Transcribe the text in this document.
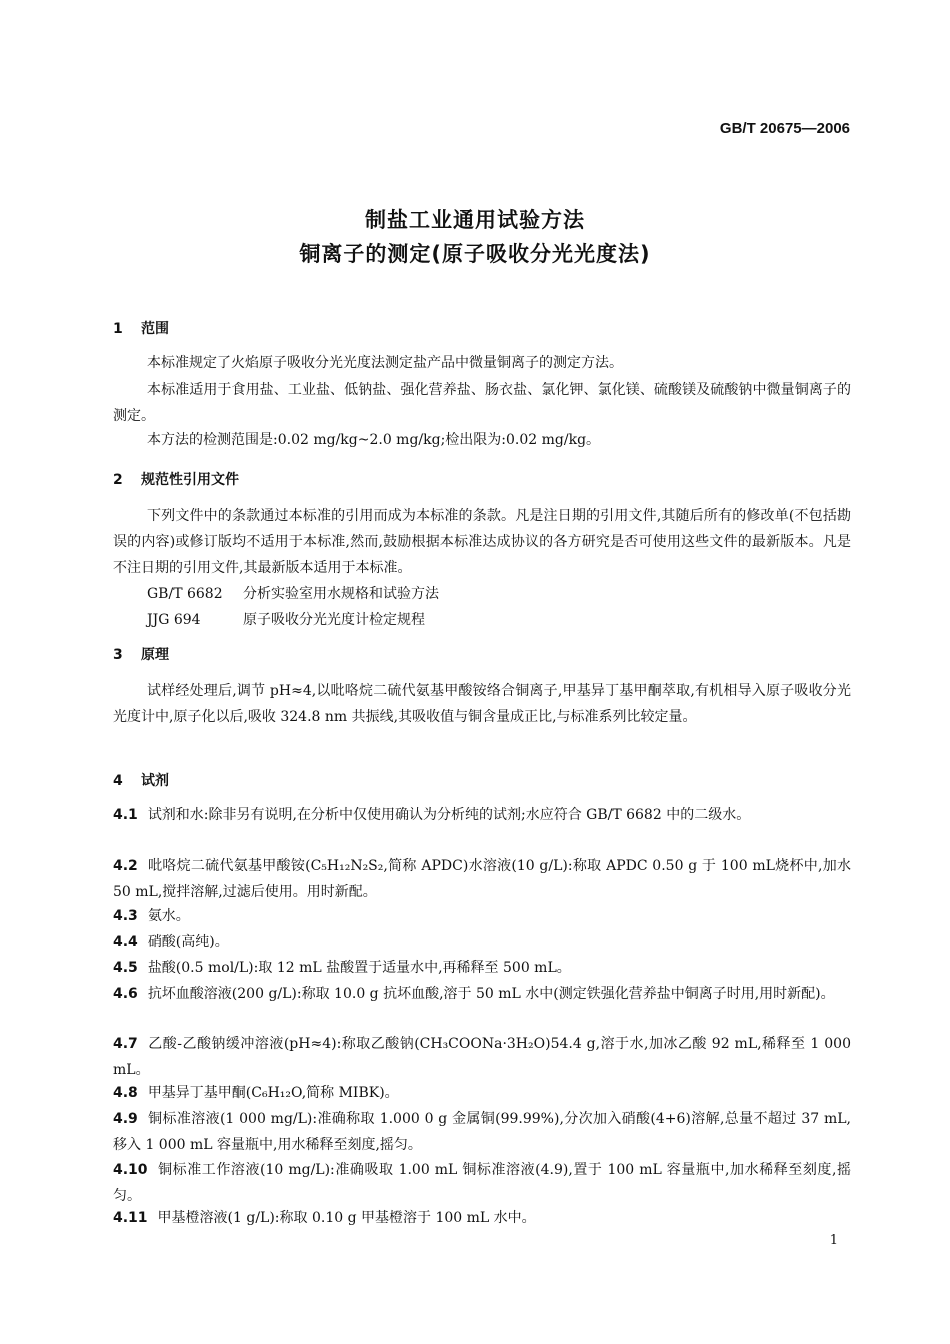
GB/T 20675—2006
制盐工业通用试验方法
铜离子的测定(原子吸收分光光度法)
1 范围
本标准规定了火焰原子吸收分光光度法测定盐产品中微量铜离子的测定方法。
本标准适用于食用盐、工业盐、低钠盐、强化营养盐、肠衣盐、氯化钾、氯化镁、硫酸镁及硫酸钠中微量铜离子的测定。
本方法的检测范围是:0.02 mg/kg~2.0 mg/kg;检出限为:0.02 mg/kg。
2 规范性引用文件
下列文件中的条款通过本标准的引用而成为本标准的条款。凡是注日期的引用文件,其随后所有的修改单(不包括勘误的内容)或修订版均不适用于本标准,然而,鼓励根据本标准达成协议的各方研究是否可使用这些文件的最新版本。凡是不注日期的引用文件,其最新版本适用于本标准。
GB/T 6682 分析实验室用水规格和试验方法
JJG 694	原子吸收分光光度计检定规程
3 原理
试样经处理后,调节 pH≈4,以吡咯烷二硫代氨基甲酸铵络合铜离子,甲基异丁基甲酮萃取,有机相导入原子吸收分光光度计中,原子化以后,吸收 324.8 nm 共振线,其吸收值与铜含量成正比,与标准系列比较定量。
4 试剂
4.1 试剂和水:除非另有说明,在分析中仅使用确认为分析纯的试剂;水应符合 GB/T 6682 中的二级水。
4.2 吡咯烷二硫代氨基甲酸铵(C₅H₁₂N₂S₂,简称 APDC)水溶液(10 g/L):称取 APDC 0.50 g 于 100 mL烧杯中,加水 50 mL,搅拌溶解,过滤后使用。用时新配。
4.3 氨水。
4.4 硝酸(高纯)。
4.5 盐酸(0.5 mol/L):取 12 mL 盐酸置于适量水中,再稀释至 500 mL。
4.6 抗坏血酸溶液(200 g/L):称取 10.0 g 抗坏血酸,溶于 50 mL 水中(测定铁强化营养盐中铜离子时用,用时新配)。
4.7 乙酸-乙酸钠缓冲溶液(pH≈4):称取乙酸钠(CH₃COONa·3H₂O)54.4 g,溶于水,加冰乙酸 92 mL,稀释至 1 000 mL。
4.8 甲基异丁基甲酮(C₆H₁₂O,简称 MIBK)。
4.9 铜标准溶液(1 000 mg/L):准确称取 1.000 0 g 金属铜(99.99%),分次加入硝酸(4+6)溶解,总量不超过 37 mL,移入 1 000 mL 容量瓶中,用水稀释至刻度,摇匀。
4.10 铜标准工作溶液(10 mg/L):准确吸取 1.00 mL 铜标准溶液(4.9),置于 100 mL 容量瓶中,加水稀释至刻度,摇匀。
4.11 甲基橙溶液(1 g/L):称取 0.10 g 甲基橙溶于 100 mL 水中。
1
